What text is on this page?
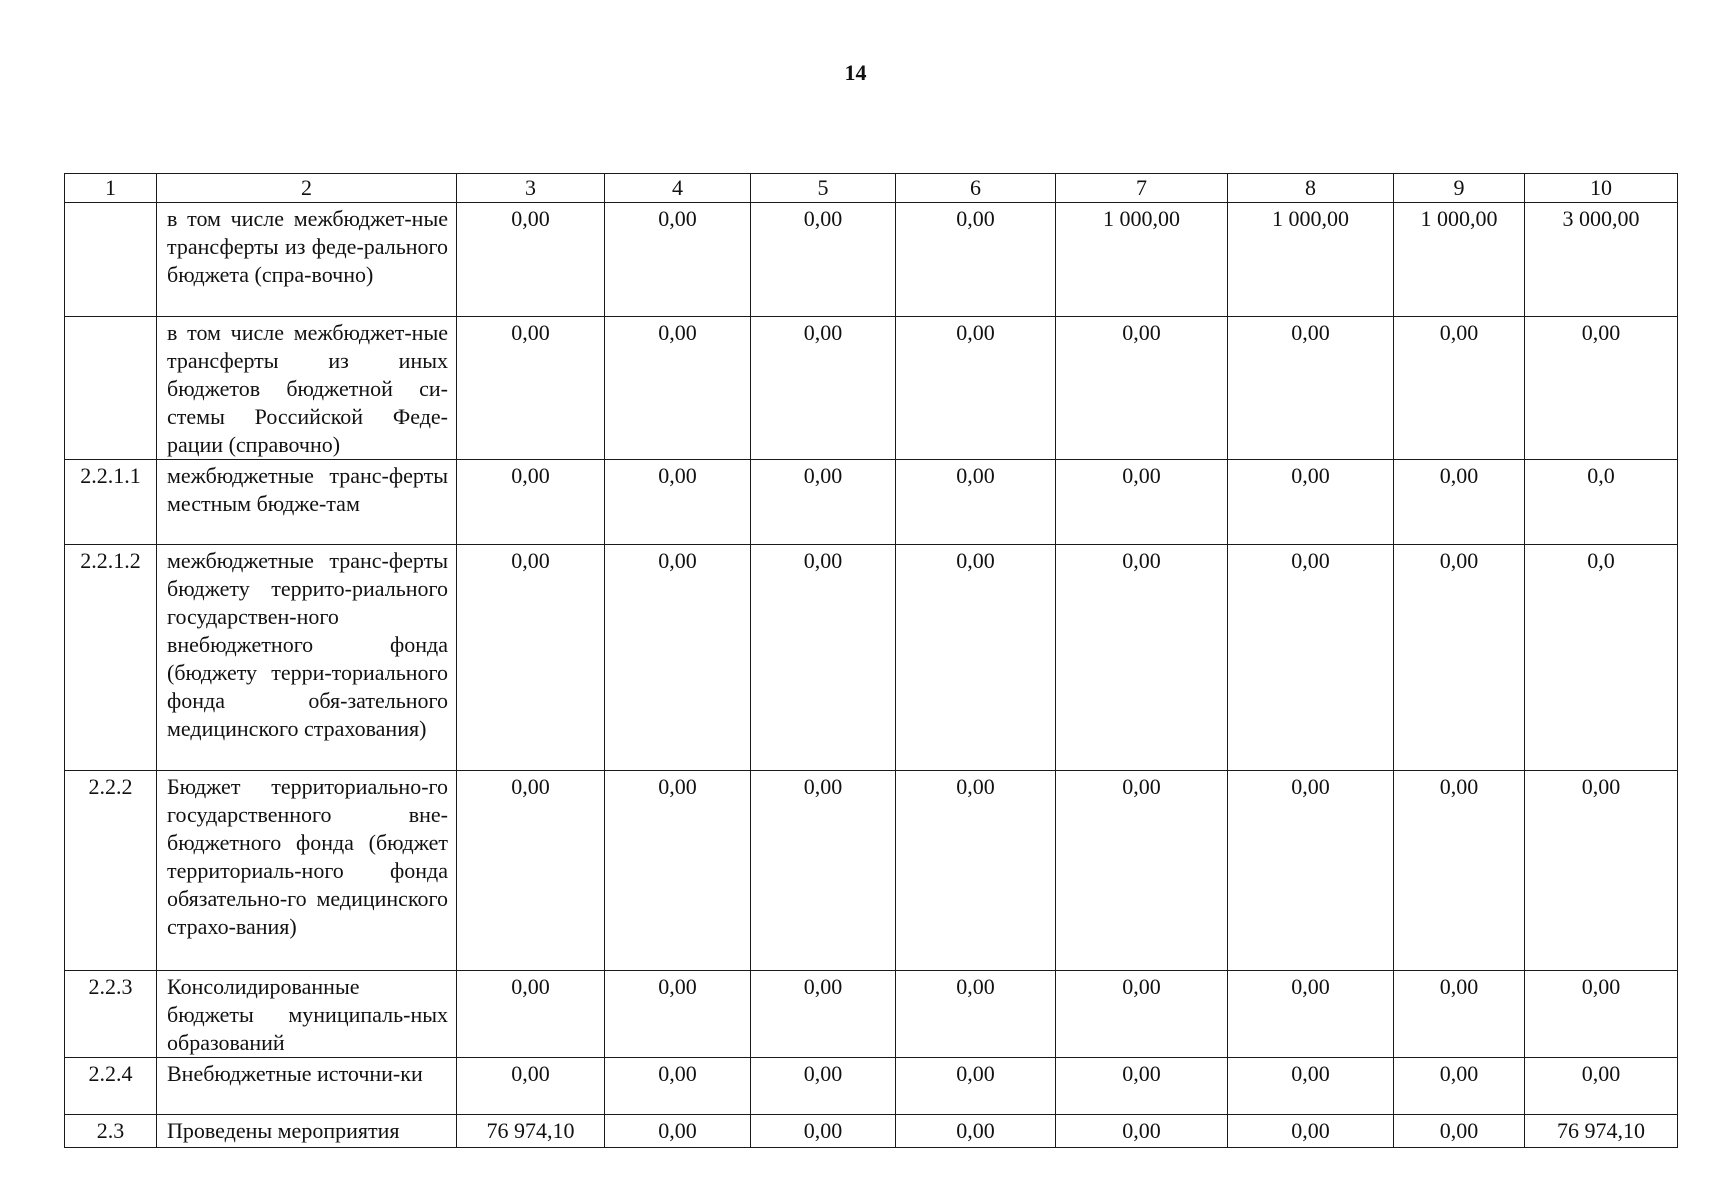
14
1	2	3	4	5	6	7	8	9	10
	в том числе межбюджет-ные трансферты из феде-рального бюджета (спра-вочно)	0,00	0,00	0,00	0,00	1 000,00	1 000,00	1 000,00	3 000,00
	в том числе межбюджет-ные трансферты из иных бюджетов бюджетной си-стемы Российской Феде-рации (справочно)	0,00	0,00	0,00	0,00	0,00	0,00	0,00	0,00
2.2.1.1	межбюджетные транс-ферты местным бюдже-там	0,00	0,00	0,00	0,00	0,00	0,00	0,00	0,0
2.2.1.2	межбюджетные транс-ферты бюджету террито-риального государствен-ного внебюджетного фонда (бюджету терри-ториального фонда обя-зательного медицинского страхования)	0,00	0,00	0,00	0,00	0,00	0,00	0,00	0,0
2.2.2	Бюджет территориально-го государственного вне-бюджетного фонда (бюджет территориаль-ного фонда обязательно-го медицинского страхо-вания)	0,00	0,00	0,00	0,00	0,00	0,00	0,00	0,00
2.2.3	Консолидированные бюджеты муниципаль-ных образований	0,00	0,00	0,00	0,00	0,00	0,00	0,00	0,00
2.2.4	Внебюджетные источни-ки	0,00	0,00	0,00	0,00	0,00	0,00	0,00	0,00
2.3	Проведены мероприятия	76 974,10	0,00	0,00	0,00	0,00	0,00	0,00	76 974,10
